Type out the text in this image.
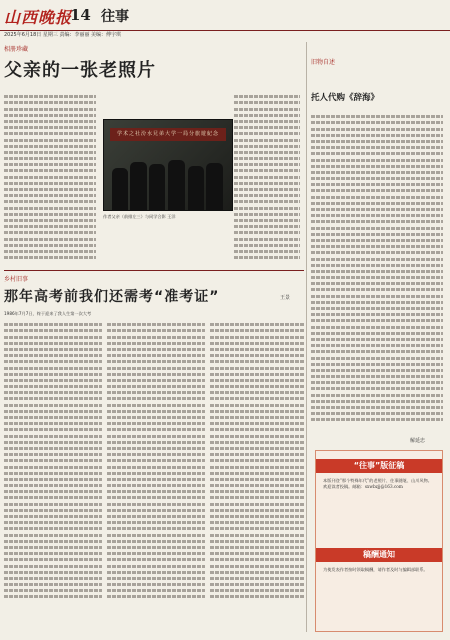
山西晚报
14 往事
2025年6月18日 星期三 责编：李丽丽 美编：傅宇琪
相册珍藏
父亲的一张老照片
学术之社汾水兄弟大学一局分旅遊紀念
作者父亲（前排左三）与同学合影 王洋
乡村旧事
那年高考前我们还需考“准考证”	王景
1986年7月7日，终于迎来了我人生第一次大考
旧物自述
托人代购《辞海》
解延忠
“往事”版征稿
本版刊登“那个特殊年代”的老照片、往事随笔、山川风物。欢迎读者投稿。邮箱：sxwbzjj@163.com
稿酬通知
为使发表作者按时领取稿酬，请作者及时与编辑部联系。
